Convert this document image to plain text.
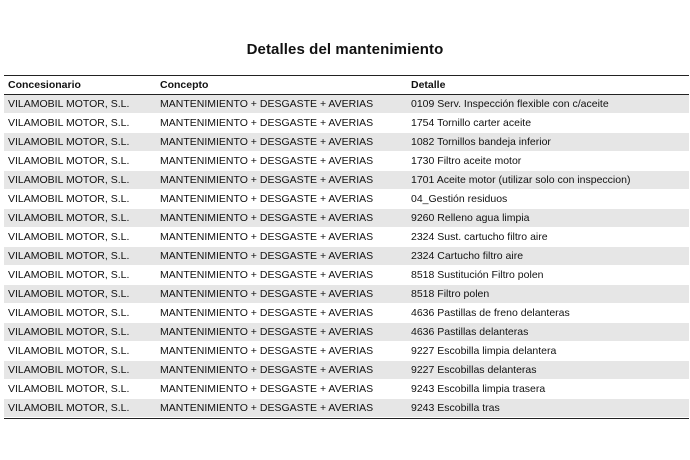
Detalles del mantenimiento
Concesionario	Concepto	Detalle
VILAMOBIL MOTOR, S.L.	MANTENIMIENTO + DESGASTE + AVERIAS	0109 Serv. Inspección flexible con c/aceite
VILAMOBIL MOTOR, S.L.	MANTENIMIENTO + DESGASTE + AVERIAS	1754 Tornillo carter aceite
VILAMOBIL MOTOR, S.L.	MANTENIMIENTO + DESGASTE + AVERIAS	1082 Tornillos bandeja inferior
VILAMOBIL MOTOR, S.L.	MANTENIMIENTO + DESGASTE + AVERIAS	1730 Filtro aceite motor
VILAMOBIL MOTOR, S.L.	MANTENIMIENTO + DESGASTE + AVERIAS	1701 Aceite motor (utilizar solo con inspeccion)
VILAMOBIL MOTOR, S.L.	MANTENIMIENTO + DESGASTE + AVERIAS	04_Gestión residuos
VILAMOBIL MOTOR, S.L.	MANTENIMIENTO + DESGASTE + AVERIAS	9260 Relleno agua limpia
VILAMOBIL MOTOR, S.L.	MANTENIMIENTO + DESGASTE + AVERIAS	2324 Sust. cartucho filtro aire
VILAMOBIL MOTOR, S.L.	MANTENIMIENTO + DESGASTE + AVERIAS	2324 Cartucho filtro aire
VILAMOBIL MOTOR, S.L.	MANTENIMIENTO + DESGASTE + AVERIAS	8518 Sustitución Filtro polen
VILAMOBIL MOTOR, S.L.	MANTENIMIENTO + DESGASTE + AVERIAS	8518 Filtro polen
VILAMOBIL MOTOR, S.L.	MANTENIMIENTO + DESGASTE + AVERIAS	4636 Pastillas de freno delanteras
VILAMOBIL MOTOR, S.L.	MANTENIMIENTO + DESGASTE + AVERIAS	4636 Pastillas delanteras
VILAMOBIL MOTOR, S.L.	MANTENIMIENTO + DESGASTE + AVERIAS	9227 Escobilla limpia delantera
VILAMOBIL MOTOR, S.L.	MANTENIMIENTO + DESGASTE + AVERIAS	9227 Escobillas delanteras
VILAMOBIL MOTOR, S.L.	MANTENIMIENTO + DESGASTE + AVERIAS	9243 Escobilla limpia trasera
VILAMOBIL MOTOR, S.L.	MANTENIMIENTO + DESGASTE + AVERIAS	9243 Escobilla tras
